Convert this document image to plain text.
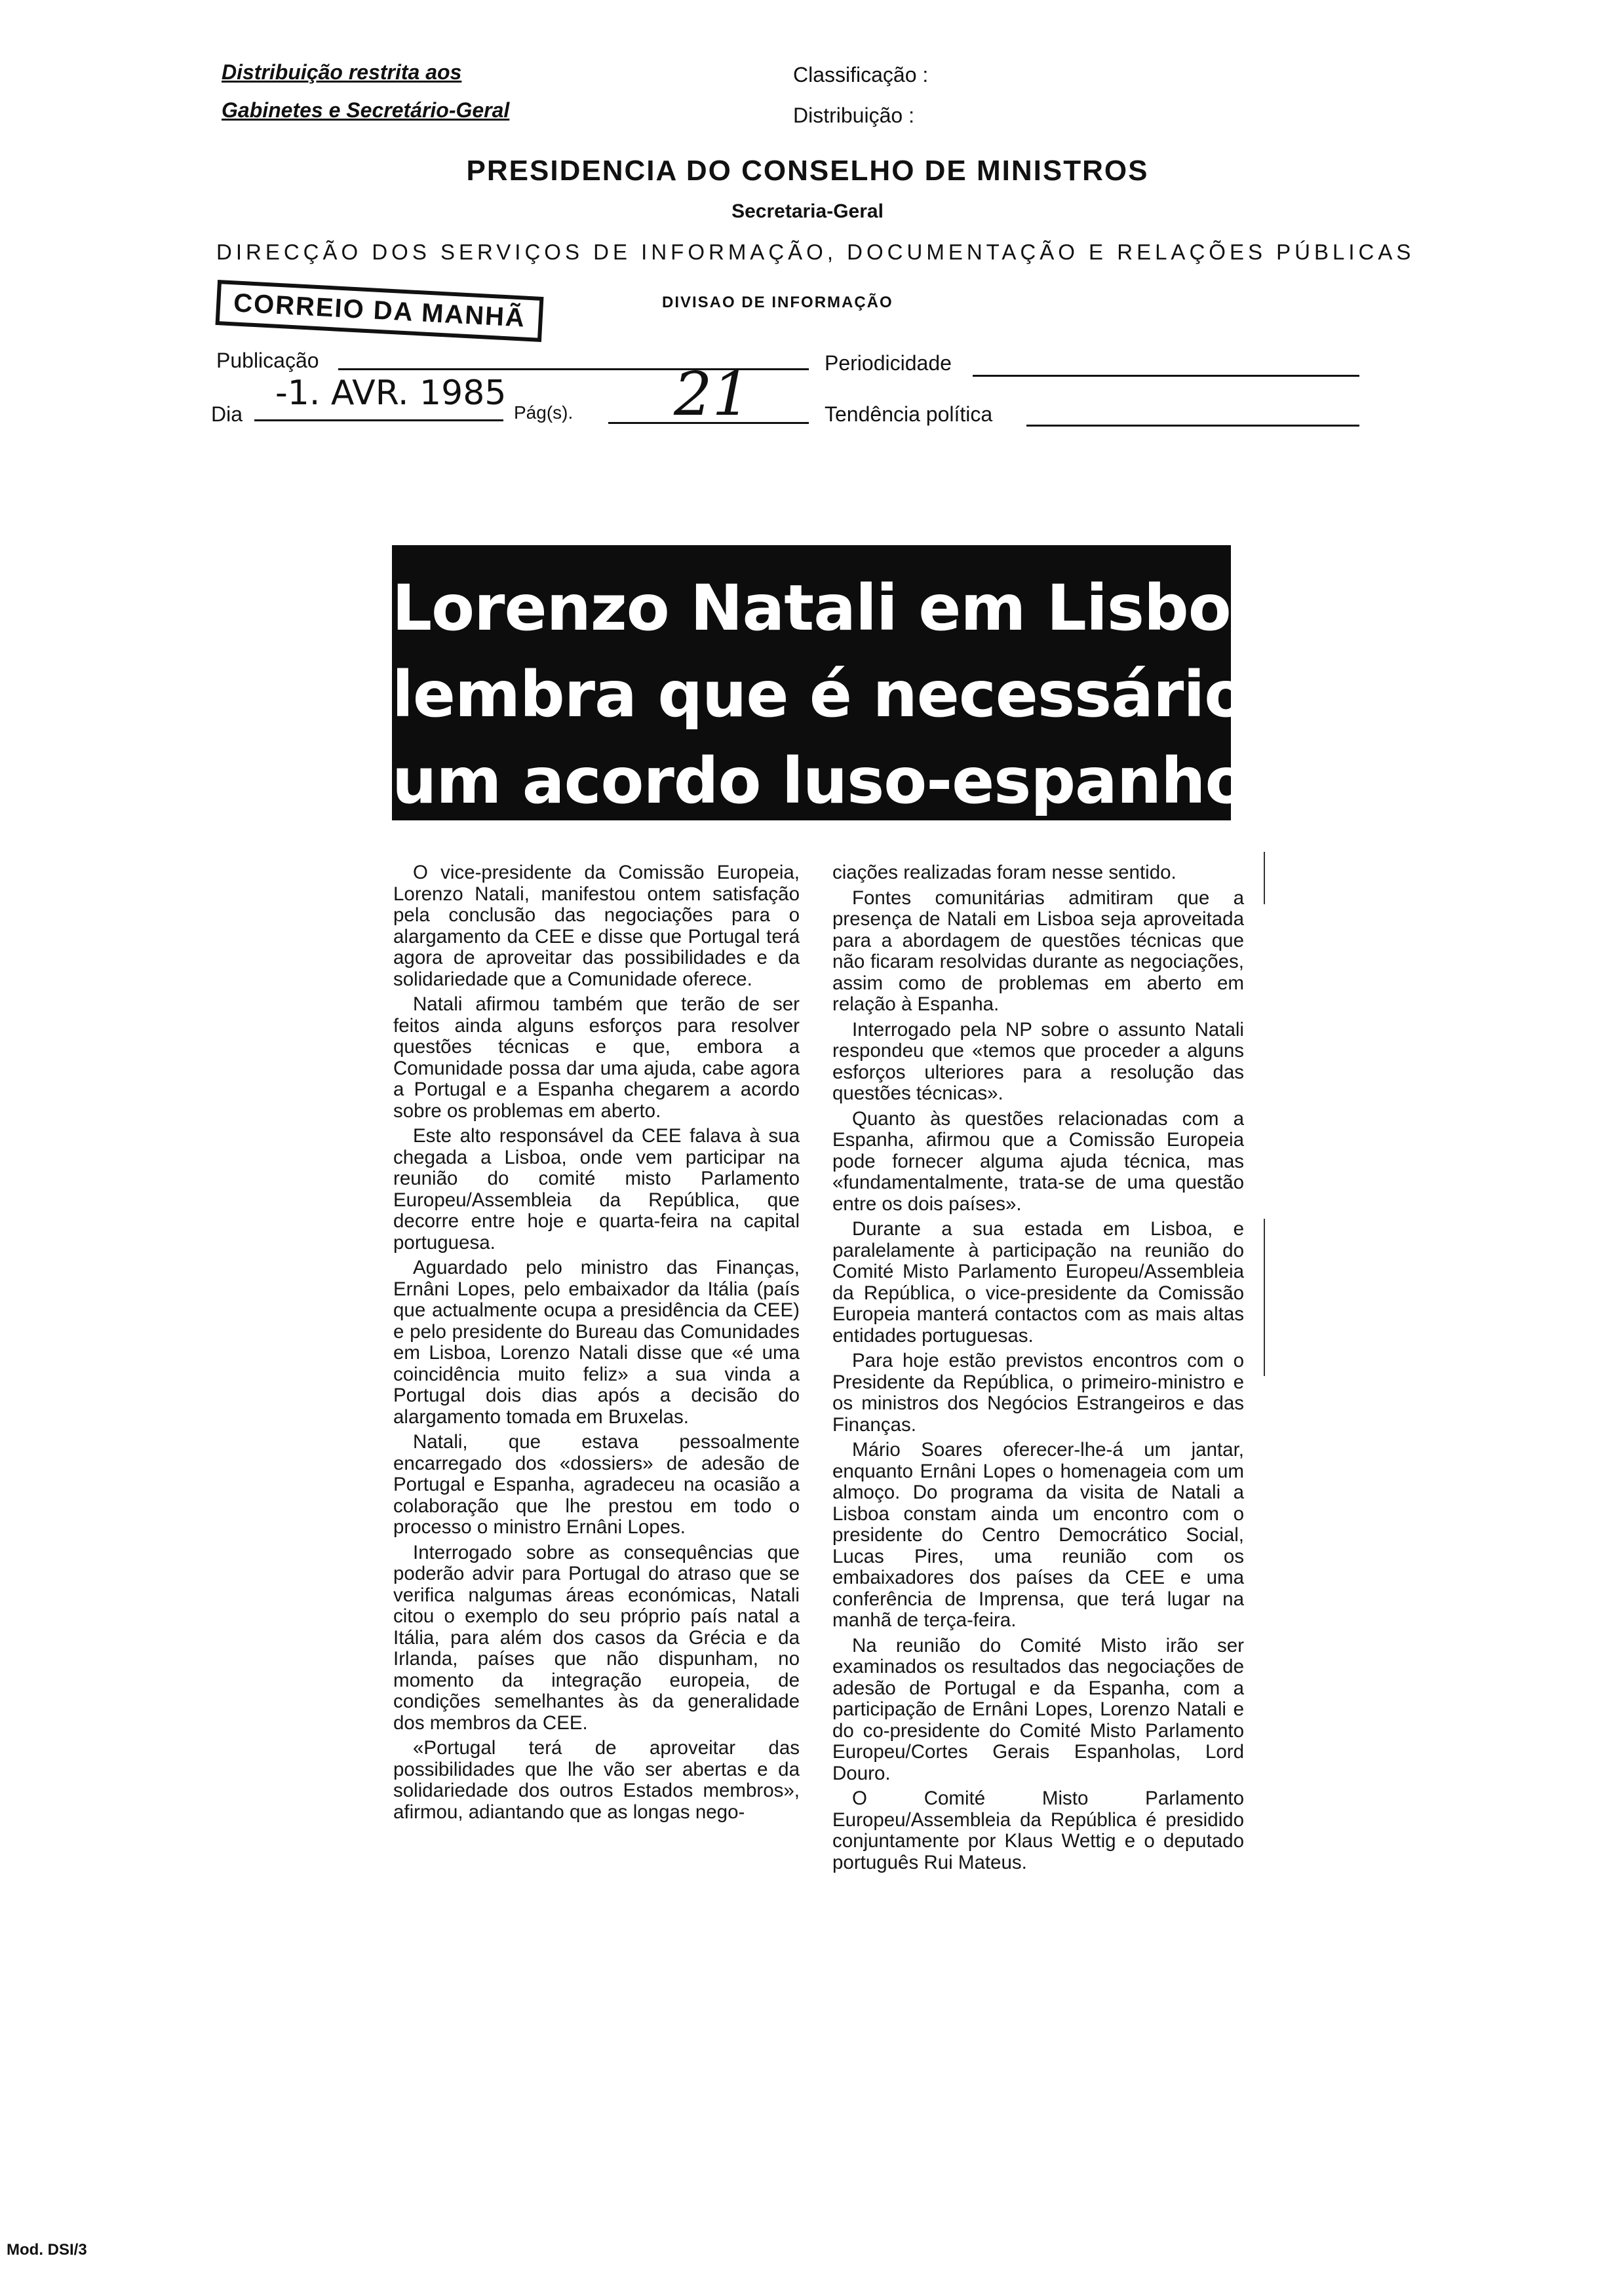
Distribuição restrita aos
Gabinetes e Secretário-Geral
Classificação :
Distribuição :
PRESIDENCIA DO CONSELHO DE MINISTROS
Secretaria-Geral
DIRECÇÃO DOS SERVIÇOS DE INFORMAÇÃO, DOCUMENTAÇÃO E RELAÇÕES PÚBLICAS
DIVISAO DE INFORMAÇÃO
CORREIO DA MANHÃ
Publicação	Periodicidade
Dia
-1. AVR. 1985 Pág(s). 21	Tendência política
Lorenzo Natali em Lisboa
lembra que é necessário
um acordo luso-espanhol

O vice-presidente da Comissão Europeia, Lorenzo Natali, manifestou ontem satisfação pela conclusão das negociações para o alargamento da CEE e disse que Portugal terá agora de aproveitar das possibilidades e da solidariedade que a Comunidade oferece.

Natali afirmou também que terão de ser feitos ainda alguns esforços para resolver questões técnicas e que, embora a Comunidade possa dar uma ajuda, cabe agora a Portugal e a Espanha chegarem a acordo sobre os problemas em aberto.

Este alto responsável da CEE falava à sua chegada a Lisboa, onde vem participar na reunião do comité misto Parlamento Europeu/Assembleia da República, que decorre entre hoje e quarta-feira na capital portuguesa.

Aguardado pelo ministro das Finanças, Ernâni Lopes, pelo embaixador da Itália (país que actualmente ocupa a presidência da CEE) e pelo presidente do Bureau das Comunidades em Lisboa, Lorenzo Natali disse que «é uma coincidência muito feliz» a sua vinda a Portugal dois dias após a decisão do alargamento tomada em Bruxelas.

Natali, que estava pessoalmente encarregado dos «dossiers» de adesão de Portugal e Espanha, agradeceu na ocasião a colaboração que lhe prestou em todo o processo o ministro Ernâni Lopes.

Interrogado sobre as consequências que poderão advir para Portugal do atraso que se verifica nalgumas áreas económicas, Natali citou o exemplo do seu próprio país natal a Itália, para além dos casos da Grécia e da Irlanda, países que não dispunham, no momento da integração europeia, de condições semelhantes às da generalidade dos membros da CEE.

«Portugal terá de aproveitar das possibilidades que lhe vão ser abertas e da solidariedade dos outros Estados membros», afirmou, adiantando que as longas nego-

ciações realizadas foram nesse sentido.

Fontes comunitárias admitiram que a presença de Natali em Lisboa seja aproveitada para a abordagem de questões técnicas que não ficaram resolvidas durante as negociações, assim como de problemas em aberto em relação à Espanha.

Interrogado pela NP sobre o assunto Natali respondeu que «temos que proceder a alguns esforços ulteriores para a resolução das questões técnicas».

Quanto às questões relacionadas com a Espanha, afirmou que a Comissão Europeia pode fornecer alguma ajuda técnica, mas «fundamentalmente, trata-se de uma questão entre os dois países».

Durante a sua estada em Lisboa, e paralelamente à participação na reunião do Comité Misto Parlamento Europeu/Assembleia da República, o vice-presidente da Comissão Europeia manterá contactos com as mais altas entidades portuguesas.

Para hoje estão previstos encontros com o Presidente da República, o primeiro-ministro e os ministros dos Negócios Estrangeiros e das Finanças.

Mário Soares oferecer-lhe-á um jantar, enquanto Ernâni Lopes o homenageia com um almoço. Do programa da visita de Natali a Lisboa constam ainda um encontro com o presidente do Centro Democrático Social, Lucas Pires, uma reunião com os embaixadores dos países da CEE e uma conferência de Imprensa, que terá lugar na manhã de terça-feira.

Na reunião do Comité Misto irão ser examinados os resultados das negociações de adesão de Portugal e da Espanha, com a participação de Ernâni Lopes, Lorenzo Natali e do co-presidente do Comité Misto Parlamento Europeu/Cortes Gerais Espanholas, Lord Douro.

O Comité Misto Parlamento Europeu/Assembleia da República é presidido conjuntamente por Klaus Wettig e o deputado português Rui Mateus.

Mod. DSI/3
